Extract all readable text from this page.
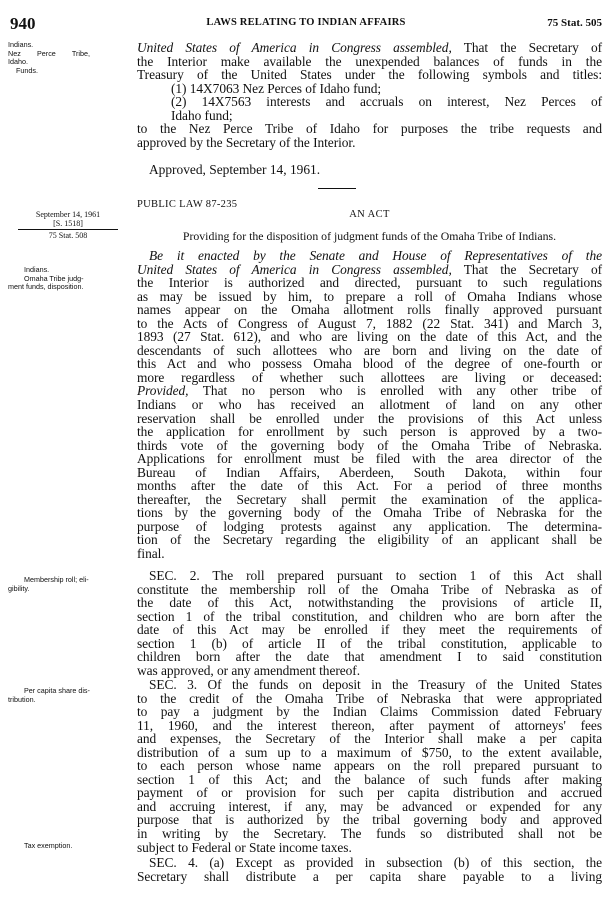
940	LAWS RELATING TO INDIAN AFFAIRS	75 Stat. 505
Indians.
Nez Perce Tribe,
Idaho.
Funds.
September 14, 1961
[S. 1518]
75 Stat. 508
Indians.
Omaha Tribe judg-
ment funds, disposition.
Membership roll; eli-
gibility.
Per capita share dis-
tribution.
Tax exemption.
United States of America in Congress assembled, That the Secretary of
the Interior make available the unexpended balances of funds in the
Treasury of the United States under the following symbols and titles:
(1) 14X7063 Nez Perces of Idaho fund;
(2) 14X7563 interests and accruals on interest, Nez Perces of
Idaho fund;
to the Nez Perce Tribe of Idaho for purposes the tribe requests and
approved by the Secretary of the Interior.
Approved, September 14, 1961.
PUBLIC LAW 87-235
AN ACT
Providing for the disposition of judgment funds of the Omaha Tribe of Indians.
Be it enacted by the Senate and House of Representatives of the
United States of America in Congress assembled, That the Secretary of
the Interior is authorized and directed, pursuant to such regulations
as may be issued by him, to prepare a roll of Omaha Indians whose
names appear on the Omaha allotment rolls finally approved pursuant
to the Acts of Congress of August 7, 1882 (22 Stat. 341) and March 3,
1893 (27 Stat. 612), and who are living on the date of this Act, and the
descendants of such allottees who are born and living on the date of
this Act and who possess Omaha blood of the degree of one-fourth or
more regardless of whether such allottees are living or deceased:
Provided, That no person who is enrolled with any other tribe of
Indians or who has received an allotment of land on any other
reservation shall be enrolled under the provisions of this Act unless
the application for enrollment by such person is approved by a two-
thirds vote of the governing body of the Omaha Tribe of Nebraska.
Applications for enrollment must be filed with the area director of the
Bureau of Indian Affairs, Aberdeen, South Dakota, within four
months after the date of this Act. For a period of three months
thereafter, the Secretary shall permit the examination of the applica-
tions by the governing body of the Omaha Tribe of Nebraska for the
purpose of lodging protests against any application. The determina-
tion of the Secretary regarding the eligibility of an applicant shall be
final.
SEC. 2. The roll prepared pursuant to section 1 of this Act shall
constitute the membership roll of the Omaha Tribe of Nebraska as of
the date of this Act, notwithstanding the provisions of article II,
section 1 of the tribal constitution, and children who are born after the
date of this Act may be enrolled if they meet the requirements of
section 1 (b) of article II of the tribal constitution, applicable to
children born after the date that amendment I to said constitution
was approved, or any amendment thereof.
SEC. 3. Of the funds on deposit in the Treasury of the United States
to the credit of the Omaha Tribe of Nebraska that were appropriated
to pay a judgment by the Indian Claims Commission dated February
11, 1960, and the interest thereon, after payment of attorneys' fees
and expenses, the Secretary of the Interior shall make a per capita
distribution of a sum up to a maximum of $750, to the extent available,
to each person whose name appears on the roll prepared pursuant to
section 1 of this Act; and the balance of such funds after making
payment of or provision for such per capita distribution and accrued
and accruing interest, if any, may be advanced or expended for any
purpose that is authorized by the tribal governing body and approved
in writing by the Secretary. The funds so distributed shall not be
subject to Federal or State income taxes.
SEC. 4. (a) Except as provided in subsection (b) of this section, the
Secretary shall distribute a per capita share payable to a living
